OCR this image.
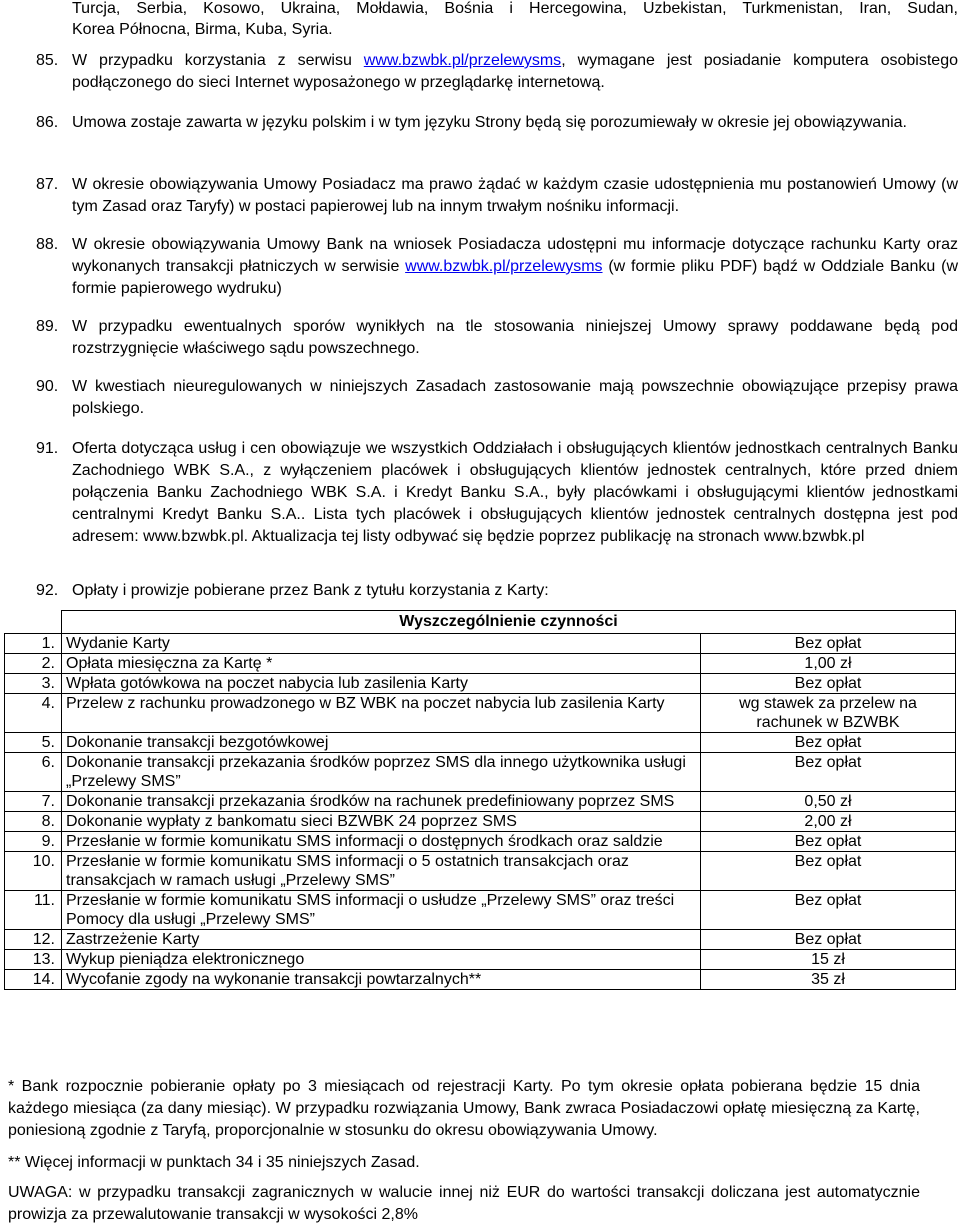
Turcja, Serbia, Kosowo, Ukraina, Mołdawia, Bośnia i Hercegowina, Uzbekistan, Turkmenistan, Iran, Sudan,
Korea Północna, Birma, Kuba, Syria.
85. W przypadku korzystania z serwisu www.bzwbk.pl/przelewysms, wymagane jest posiadanie komputera osobistego podłączonego do sieci Internet wyposażonego w przeglądarkę internetową.
86. Umowa zostaje zawarta w języku polskim i w tym języku Strony będą się porozumiewały w okresie jej obowiązywania.
87. W okresie obowiązywania Umowy Posiadacz ma prawo żądać w każdym czasie udostępnienia mu postanowień Umowy (w tym Zasad oraz Taryfy) w postaci papierowej lub na innym trwałym nośniku informacji.
88. W okresie obowiązywania Umowy Bank na wniosek Posiadacza udostępni mu informacje dotyczące rachunku Karty oraz wykonanych transakcji płatniczych w serwisie www.bzwbk.pl/przelewysms (w formie pliku PDF) bądź w Oddziale Banku (w formie papierowego wydruku)
89. W przypadku ewentualnych sporów wynikłych na tle stosowania niniejszej Umowy sprawy poddawane będą pod rozstrzygnięcie właściwego sądu powszechnego.
90. W kwestiach nieuregulowanych w niniejszych Zasadach zastosowanie mają powszechnie obowiązujące przepisy prawa polskiego.
91. Oferta dotycząca usług i cen obowiązuje we wszystkich Oddziałach i obsługujących klientów jednostkach centralnych Banku Zachodniego WBK S.A., z wyłączeniem placówek i obsługujących klientów jednostek centralnych, które przed dniem połączenia Banku Zachodniego WBK S.A. i Kredyt Banku S.A., były placówkami i obsługującymi klientów jednostkami centralnymi Kredyt Banku S.A.. Lista tych placówek i obsługujących klientów jednostek centralnych dostępna jest pod adresem: www.bzwbk.pl. Aktualizacja tej listy odbywać się będzie poprzez publikację na stronach www.bzwbk.pl
92. Opłaty i prowizje pobierane przez Bank z tytułu korzystania z Karty:
	Wyszczególnienie czynności	
1.	Wydanie Karty	Bez opłat
2.	Opłata miesięczna za Kartę *	1,00 zł
3.	Wpłata gotówkowa na poczet nabycia lub zasilenia Karty	Bez opłat
4.	Przelew z rachunku prowadzonego w BZ WBK na poczet nabycia lub zasilenia Karty	wg stawek za przelew na rachunek w BZWBK
5.	Dokonanie transakcji bezgotówkowej	Bez opłat
6.	Dokonanie transakcji przekazania środków poprzez SMS dla innego użytkownika usługi „Przelewy SMS”	Bez opłat
7.	Dokonanie transakcji przekazania środków na rachunek predefiniowany poprzez SMS	0,50 zł
8.	Dokonanie wypłaty z bankomatu sieci BZWBK 24 poprzez SMS	2,00 zł
9.	Przesłanie w formie komunikatu SMS informacji o dostępnych środkach oraz saldzie	Bez opłat
10.	Przesłanie w formie komunikatu SMS informacji o 5 ostatnich transakcjach oraz transakcjach w ramach usługi „Przelewy SMS”	Bez opłat
11.	Przesłanie w formie komunikatu SMS informacji o usłudze „Przelewy SMS” oraz treści Pomocy dla usługi „Przelewy SMS”	Bez opłat
12.	Zastrzeżenie Karty	Bez opłat
13.	Wykup pieniądza elektronicznego	15 zł
14.	Wycofanie zgody na wykonanie transakcji powtarzalnych**	35 zł
* Bank rozpocznie pobieranie opłaty po 3 miesiącach od rejestracji Karty. Po tym okresie opłata pobierana będzie 15 dnia każdego miesiąca (za dany miesiąc). W przypadku rozwiązania Umowy, Bank zwraca Posiadaczowi opłatę miesięczną za Kartę, poniesioną zgodnie z Taryfą, proporcjonalnie w stosunku do okresu obowiązywania Umowy.
** Więcej informacji w punktach 34 i 35 niniejszych Zasad.
UWAGA: w przypadku transakcji zagranicznych w walucie innej niż EUR do wartości transakcji doliczana jest automatycznie prowizja za przewalutowanie transakcji w wysokości 2,8%
